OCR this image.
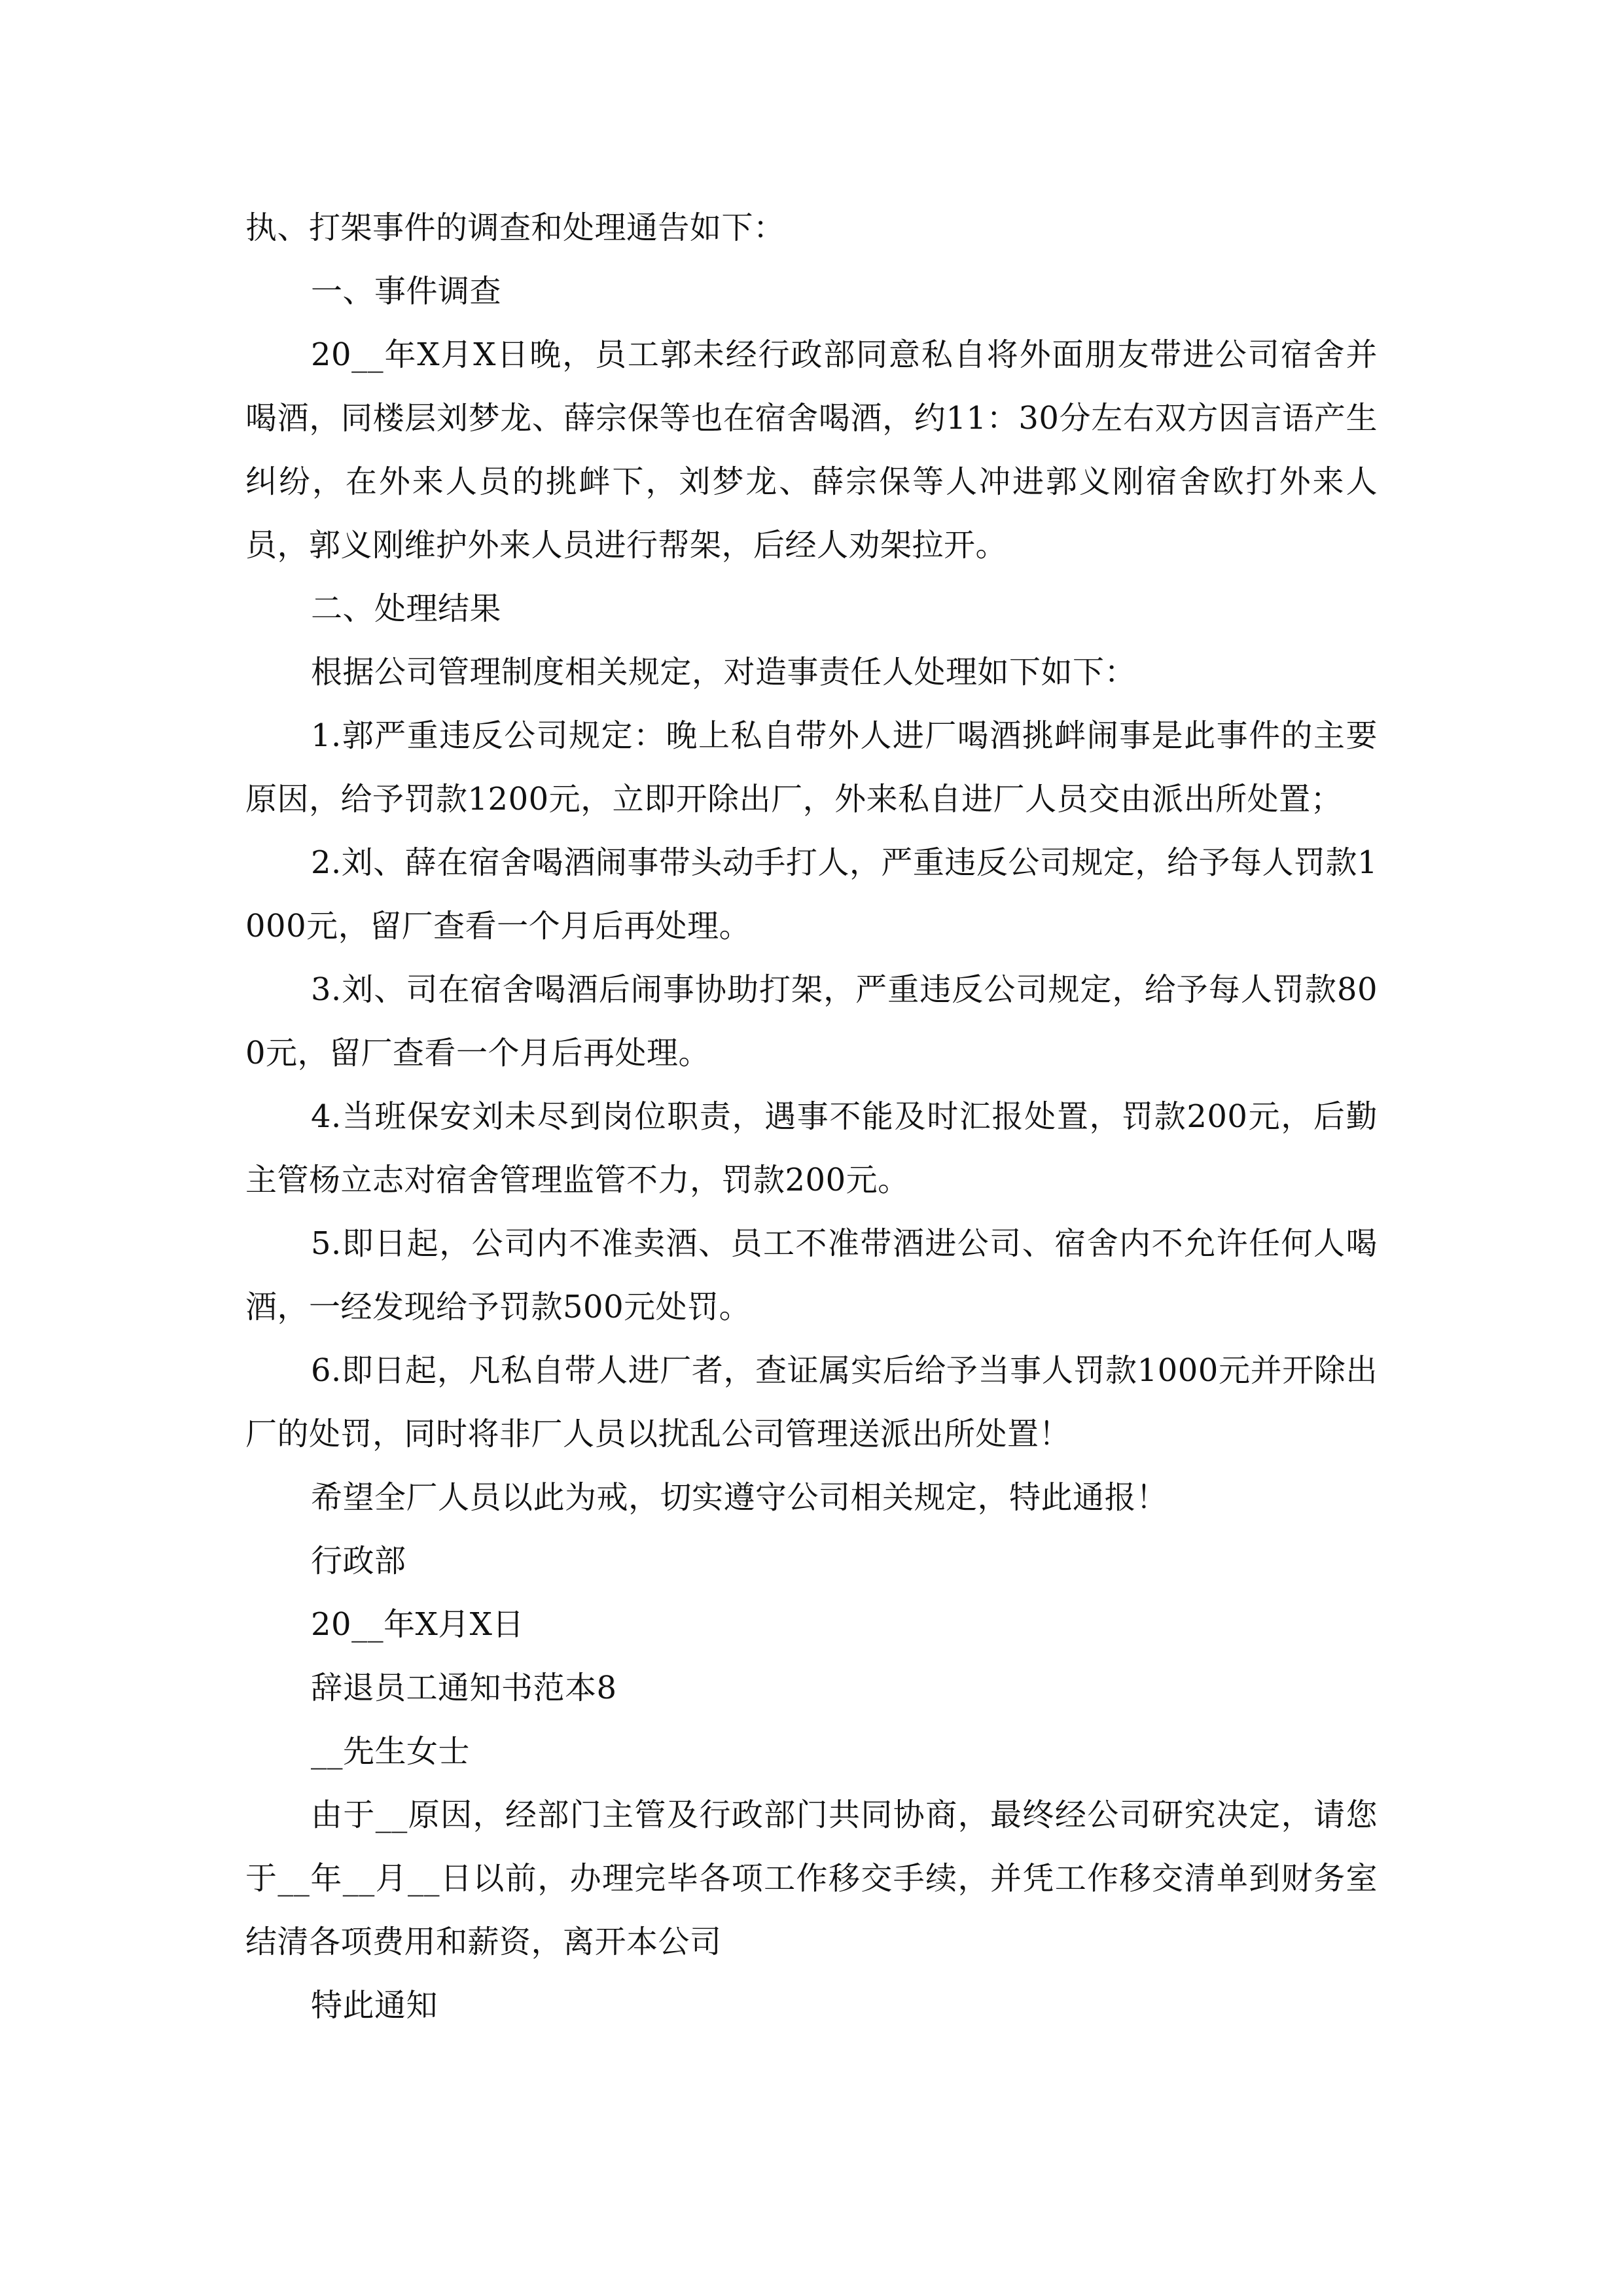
执、打架事件的调查和处理通告如下：

一、事件调查

20__年X月X日晚，员工郭未经行政部同意私自将外面朋友带进公司宿舍并喝酒，同楼层刘梦龙、薛宗保等也在宿舍喝酒，约11：30分左右双方因言语产生纠纷，在外来人员的挑衅下，刘梦龙、薛宗保等人冲进郭义刚宿舍欧打外来人员，郭义刚维护外来人员进行帮架，后经人劝架拉开。

二、处理结果

根据公司管理制度相关规定，对造事责任人处理如下如下：

1.郭严重违反公司规定：晚上私自带外人进厂喝酒挑衅闹事是此事件的主要原因，给予罚款1200元，立即开除出厂，外来私自进厂人员交由派出所处置；

2.刘、薛在宿舍喝酒闹事带头动手打人，严重违反公司规定，给予每人罚款1000元，留厂查看一个月后再处理。

3.刘、司在宿舍喝酒后闹事协助打架，严重违反公司规定，给予每人罚款800元，留厂查看一个月后再处理。

4.当班保安刘未尽到岗位职责，遇事不能及时汇报处置，罚款200元，后勤主管杨立志对宿舍管理监管不力，罚款200元。

5.即日起，公司内不准卖酒、员工不准带酒进公司、宿舍内不允许任何人喝酒，一经发现给予罚款500元处罚。

6.即日起，凡私自带人进厂者，查证属实后给予当事人罚款1000元并开除出厂的处罚，同时将非厂人员以扰乱公司管理送派出所处置！

希望全厂人员以此为戒，切实遵守公司相关规定，特此通报！

行政部

20__年X月X日

辞退员工通知书范本8

__先生女士

由于__原因，经部门主管及行政部门共同协商，最终经公司研究决定，请您于__年__月__日以前，办理完毕各项工作移交手续，并凭工作移交清单到财务室结清各项费用和薪资，离开本公司

特此通知
